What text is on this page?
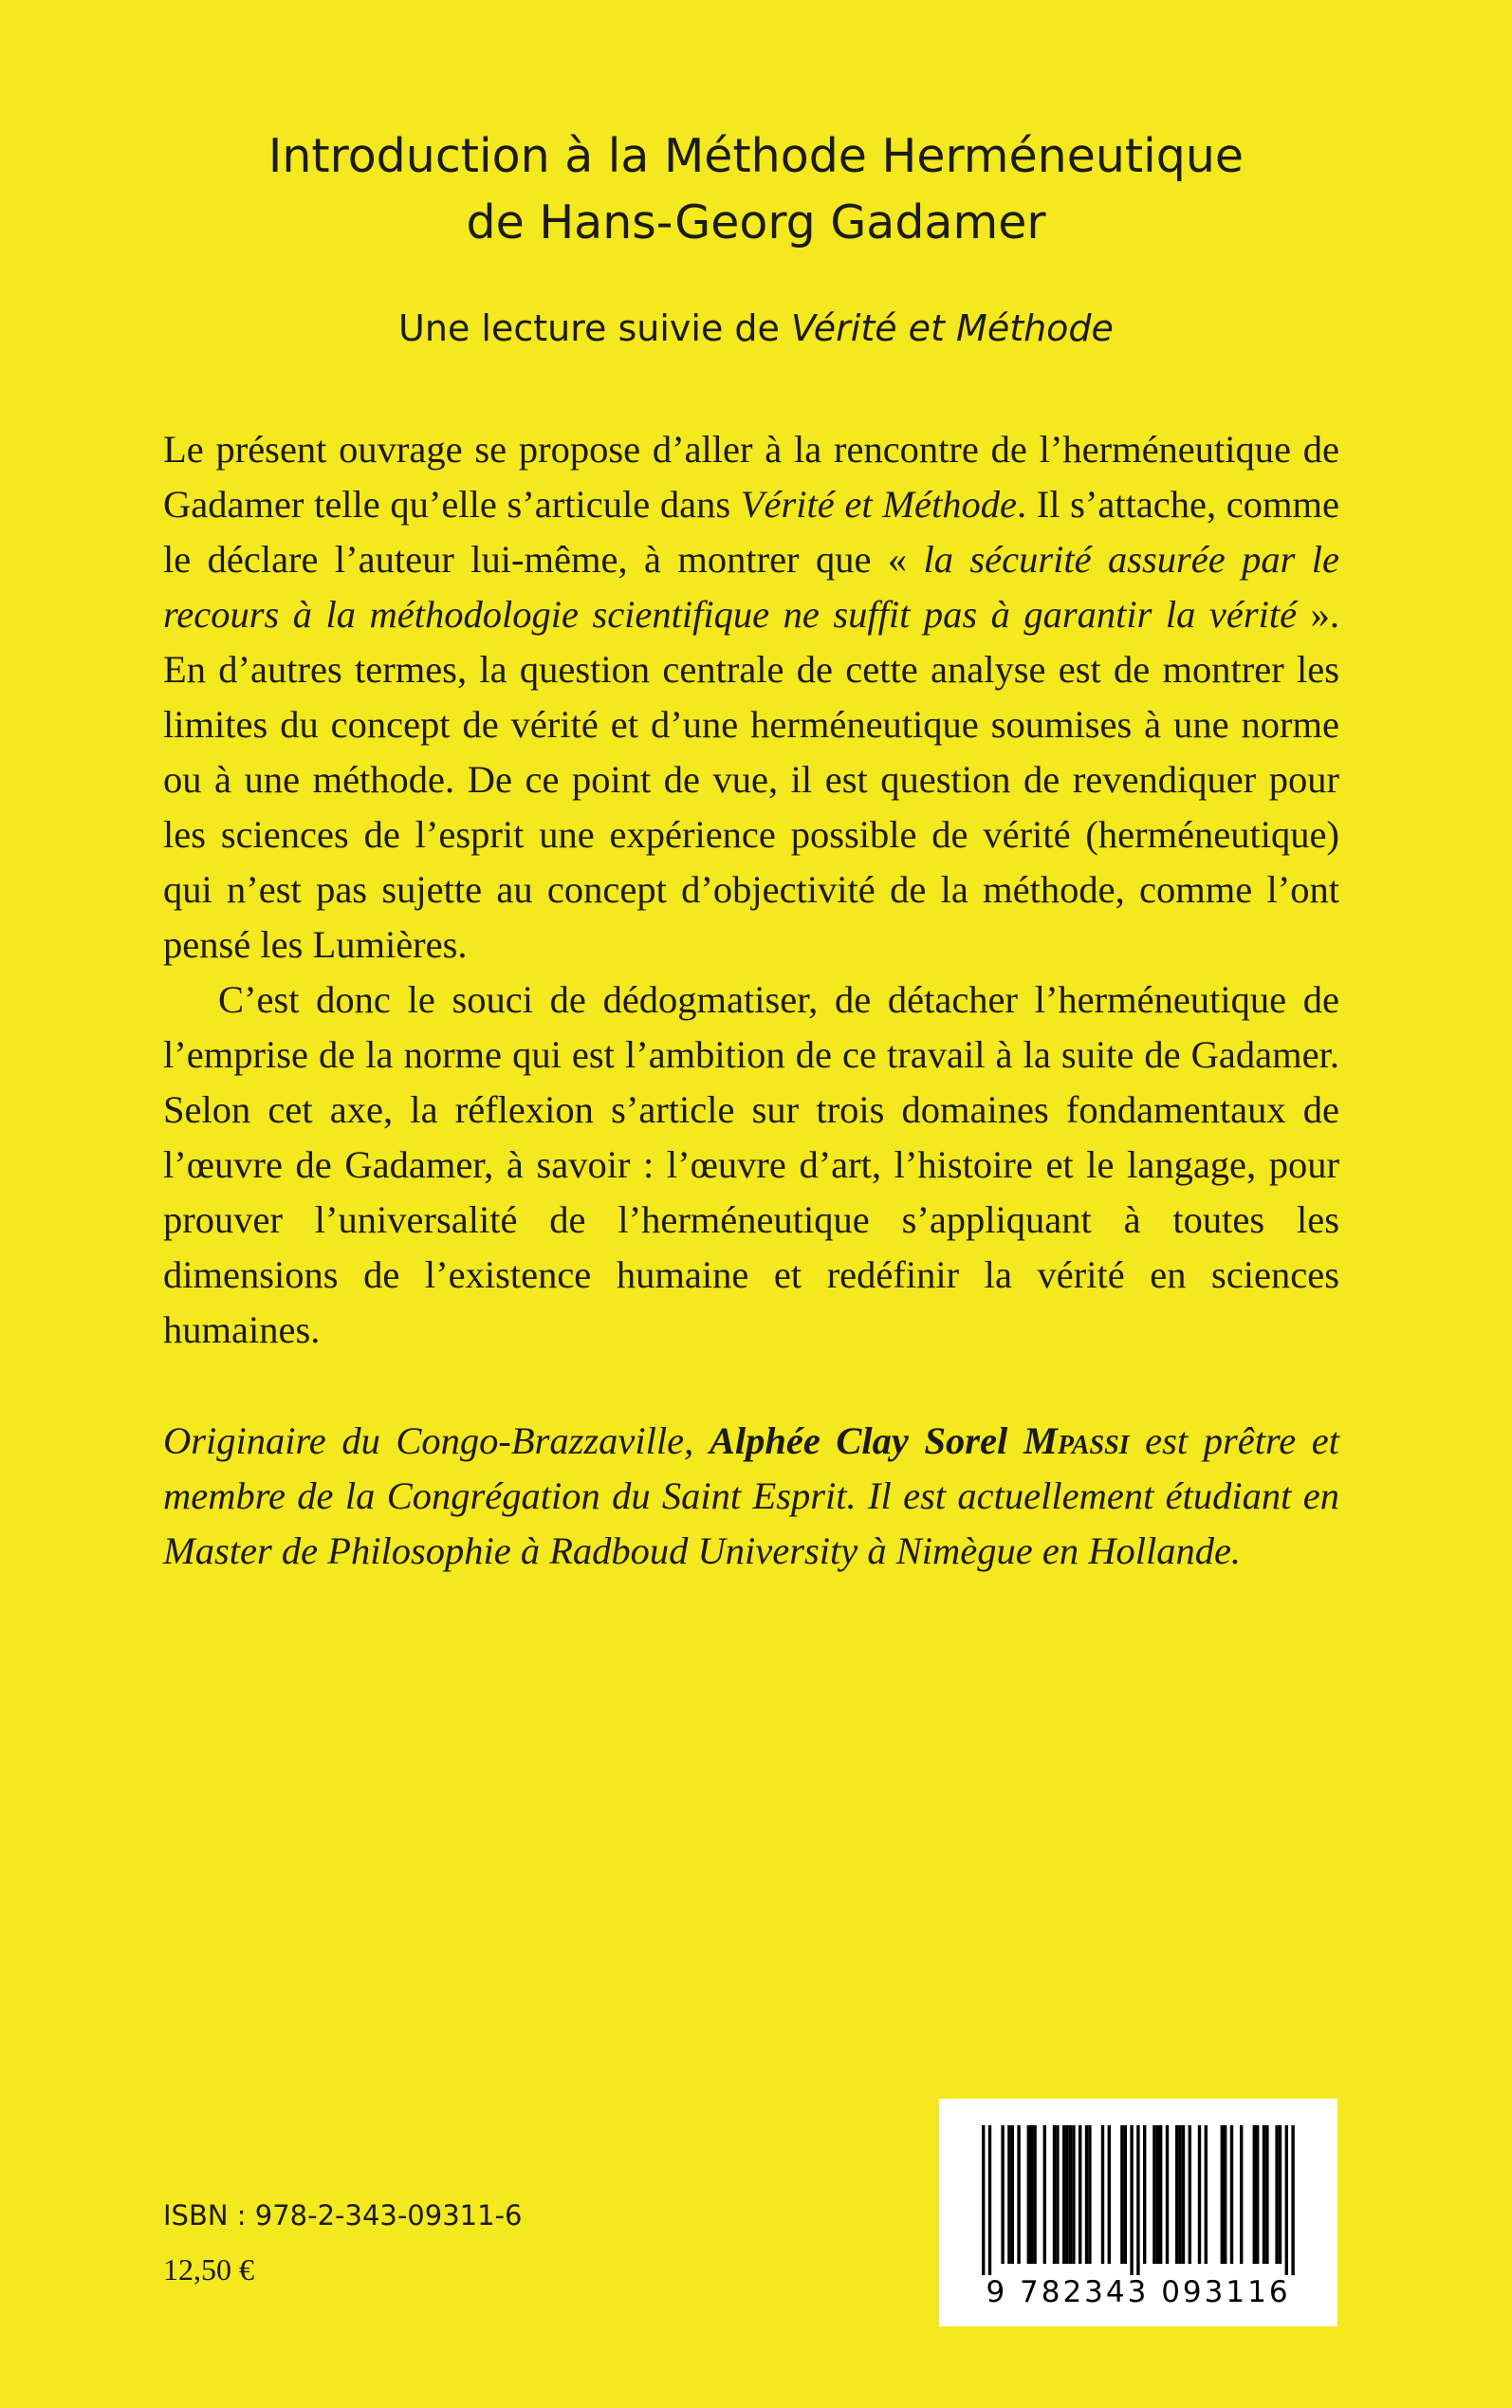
Introduction à la Méthode Herméneutique
de Hans-Georg Gadamer
Une lecture suivie de Vérité et Méthode

Le présent ouvrage se propose d’aller à la rencontre de l’herméneutique de Gadamer telle qu’elle s’articule dans Vérité et Méthode. Il s’attache, comme le déclare l’auteur lui-même, à montrer que « la sécurité assurée par le recours à la méthodologie scientifique ne suffit pas à garantir la vérité ». En d’autres termes, la question centrale de cette analyse est de montrer les limites du concept de vérité et d’une herméneutique soumises à une norme ou à une méthode. De ce point de vue, il est question de revendiquer pour les sciences de l’esprit une expérience possible de vérité (herméneutique) qui n’est pas sujette au concept d’objectivité de la méthode, comme l’ont pensé les Lumières.

C’est donc le souci de dédogmatiser, de détacher l’herméneutique de l’emprise de la norme qui est l’ambition de ce travail à la suite de Gadamer. Selon cet axe, la réflexion s’article sur trois domaines fondamentaux de l’œuvre de Gadamer, à savoir : l’œuvre d’art, l’histoire et le langage, pour prouver l’universalité de l’herméneutique s’appliquant à toutes les dimensions de l’existence humaine et redéfinir la vérité en sciences humaines.

Originaire du Congo-Brazzaville, Alphée Clay Sorel Mpassi est prêtre et membre de la Congrégation du Saint Esprit. Il est actuellement étudiant en Master de Philosophie à Radboud University à Nimègue en Hollande.
ISBN : 978-2-343-09311-6
12,50 €
9 782343 093116
